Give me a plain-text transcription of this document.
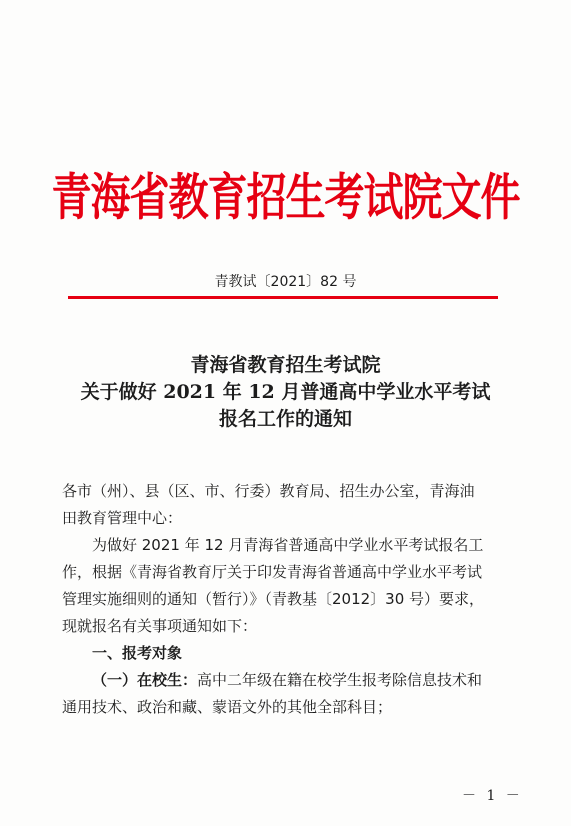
青海省教育招生考试院文件
青教试〔2021〕82 号
青海省教育招生考试院
关于做好 2021 年 12 月普通高中学业水平考试
报名工作的通知
各市（州）、县（区、市、行委）教育局、招生办公室，青海油
田教育管理中心：
为做好 2021 年 12 月青海省普通高中学业水平考试报名工
作，根据《青海省教育厅关于印发青海省普通高中学业水平考试
管理实施细则的通知（暂行）》（青教基〔2012〕30 号）要求，
现就报名有关事项通知如下：
一、报考对象
（一）在校生：高中二年级在籍在校学生报考除信息技术和
通用技术、政治和藏、蒙语文外的其他全部科目；
－ 1 －
